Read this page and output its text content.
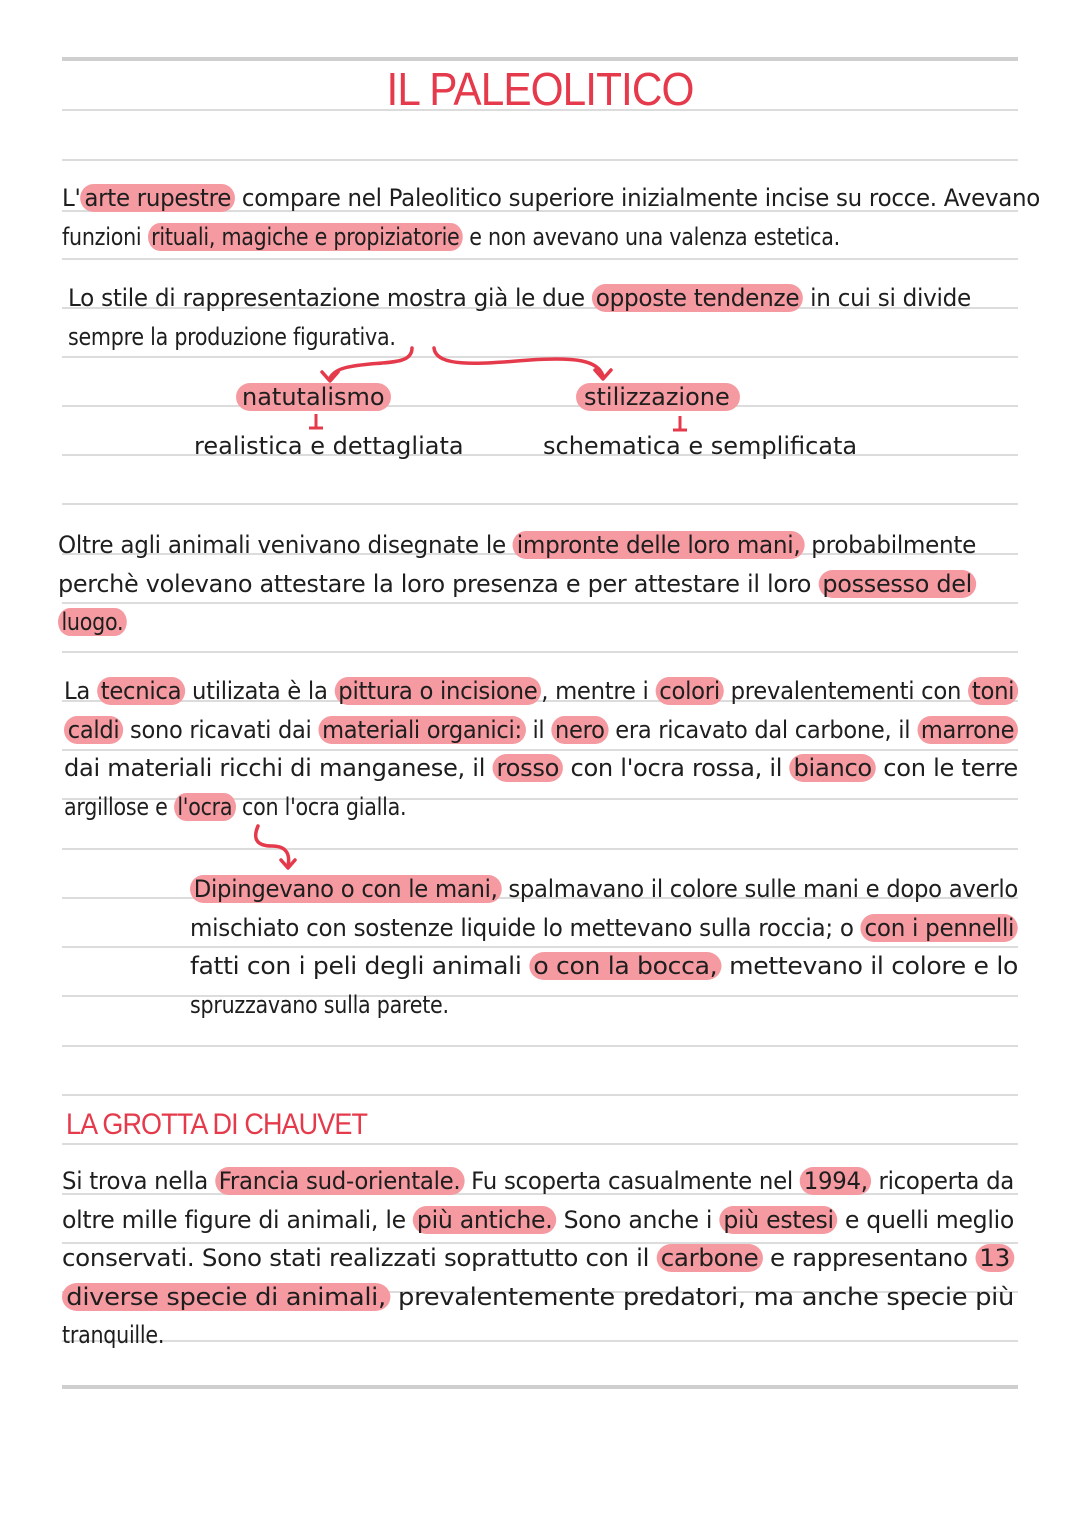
IL PALEOLITICO
L' arte rupestre compare nel Paleolitico superiore inizialmente incise su rocce. Avevano
funzioni rituali, magiche e propiziatorie e non avevano una valenza estetica.
Lo stile di rappresentazione mostra già le due opposte tendenze in cui si divide
sempre la produzione figurativa.
natutalismo	stilizzazione
realistica e dettagliata	schematica e semplificata
Oltre agli animali venivano disegnate le impronte delle loro mani, probabilmente
perchè volevano attestare la loro presenza e per attestare il loro possesso del
luogo.
La tecnica utilizata è la pittura o incisione , mentre i colori prevalentementi con toni
caldi sono ricavati dai materiali organici: il nero era ricavato dal carbone, il marrone
dai materiali ricchi di manganese, il rosso con l'ocra rossa, il bianco con le terre
argillose e l'ocra con l'ocra gialla.
Dipingevano o con le mani, spalmavano il colore sulle mani e dopo averlo
mischiato con sostenze liquide lo mettevano sulla roccia; o con i pennelli
fatti con i peli degli animali o con la bocca, mettevano il colore e lo
spruzzavano sulla parete.
LA GROTTA DI CHAUVET
Si trova nella Francia sud-orientale. Fu scoperta casualmente nel 1994, ricoperta da
oltre mille figure di animali, le più antiche. Sono anche i più estesi e quelli meglio
conservati. Sono stati realizzati soprattutto con il carbone e rappresentano 13
diverse specie di animali, prevalentemente predatori, ma anche specie più
tranquille.
